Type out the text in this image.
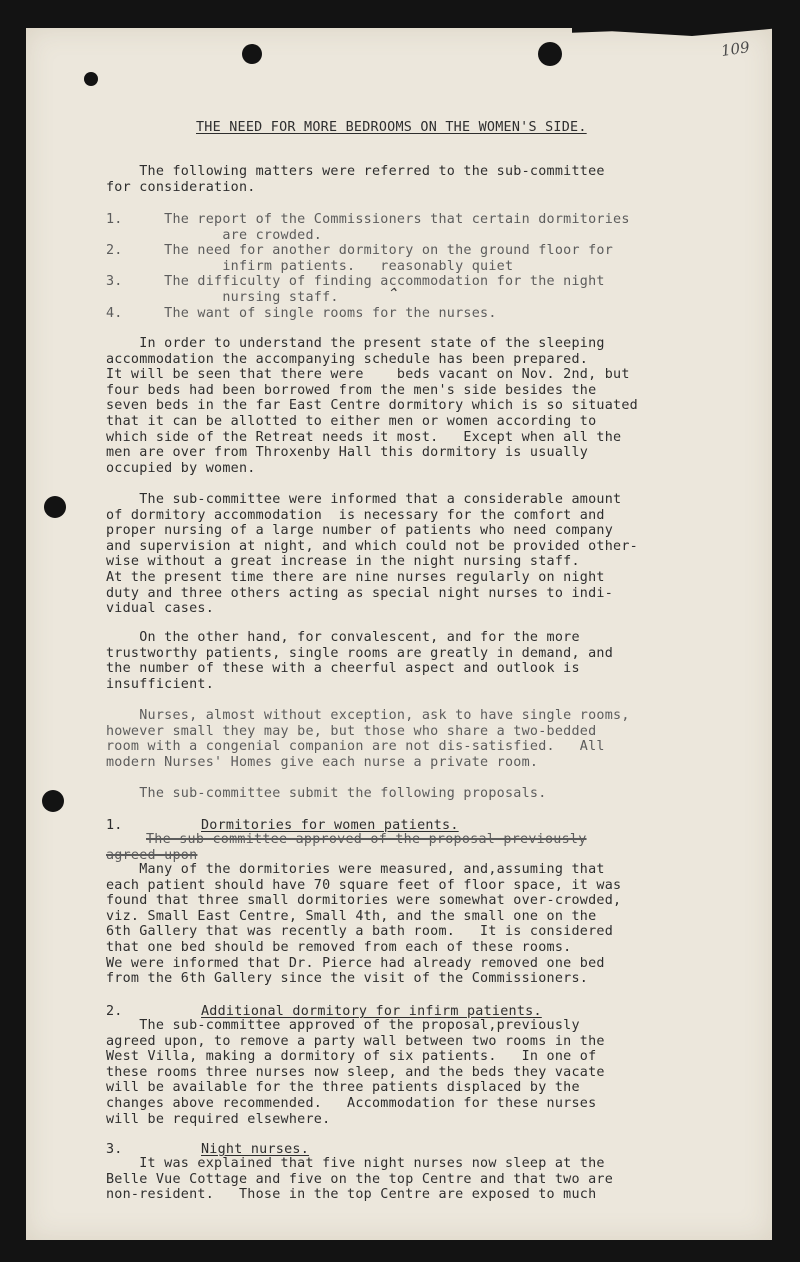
109
THE NEED FOR MORE BEDROOMS ON THE WOMEN'S SIDE.
⌃
The following matters were referred to the sub-committee
for consideration.
1.     The report of the Commissioners that certain dormitories
are crowded.
2.     The need for another dormitory on the ground floor for
infirm patients.   reasonably quiet
3.     The difficulty of finding accommodation for the night
nursing staff.
4.     The want of single rooms for the nurses.
In order to understand the present state of the sleeping
accommodation the accompanying schedule has been prepared.
It will be seen that there were    beds vacant on Nov. 2nd, but
four beds had been borrowed from the men's side besides the
seven beds in the far East Centre dormitory which is so situated
that it can be allotted to either men or women according to
which side of the Retreat needs it most.   Except when all the
men are over from Throxenby Hall this dormitory is usually
occupied by women.
The sub-committee were informed that a considerable amount
of dormitory accommodation  is necessary for the comfort and
proper nursing of a large number of patients who need company
and supervision at night, and which could not be provided other-
wise without a great increase in the night nursing staff.
At the present time there are nine nurses regularly on night
duty and three others acting as special night nurses to indi-
vidual cases.
On the other hand, for convalescent, and for the more
trustworthy patients, single rooms are greatly in demand, and
the number of these with a cheerful aspect and outlook is
insufficient.
Nurses, almost without exception, ask to have single rooms,
however small they may be, but those who share a two-bedded
room with a congenial companion are not dis-satisfied.   All
modern Nurses' Homes give each nurse a private room.
The sub-committee submit the following proposals.
1.	Dormitories for women patients.
The sub-committee approved of the proposal previously
agreed upon
Many of the dormitories were measured, and,assuming that
each patient should have 70 square feet of floor space, it was
found that three small dormitories were somewhat over-crowded,
viz. Small East Centre, Small 4th, and the small one on the
6th Gallery that was recently a bath room.   It is considered
that one bed should be removed from each of these rooms.
We were informed that Dr. Pierce had already removed one bed
from the 6th Gallery since the visit of the Commissioners.
2.	Additional dormitory for infirm patients.
The sub-committee approved of the proposal,previously
agreed upon, to remove a party wall between two rooms in the
West Villa, making a dormitory of six patients.   In one of
these rooms three nurses now sleep, and the beds they vacate
will be available for the three patients displaced by the
changes above recommended.   Accommodation for these nurses
will be required elsewhere.
3.	Night nurses.
It was explained that five night nurses now sleep at the
Belle Vue Cottage and five on the top Centre and that two are
non-resident.   Those in the top Centre are exposed to much
